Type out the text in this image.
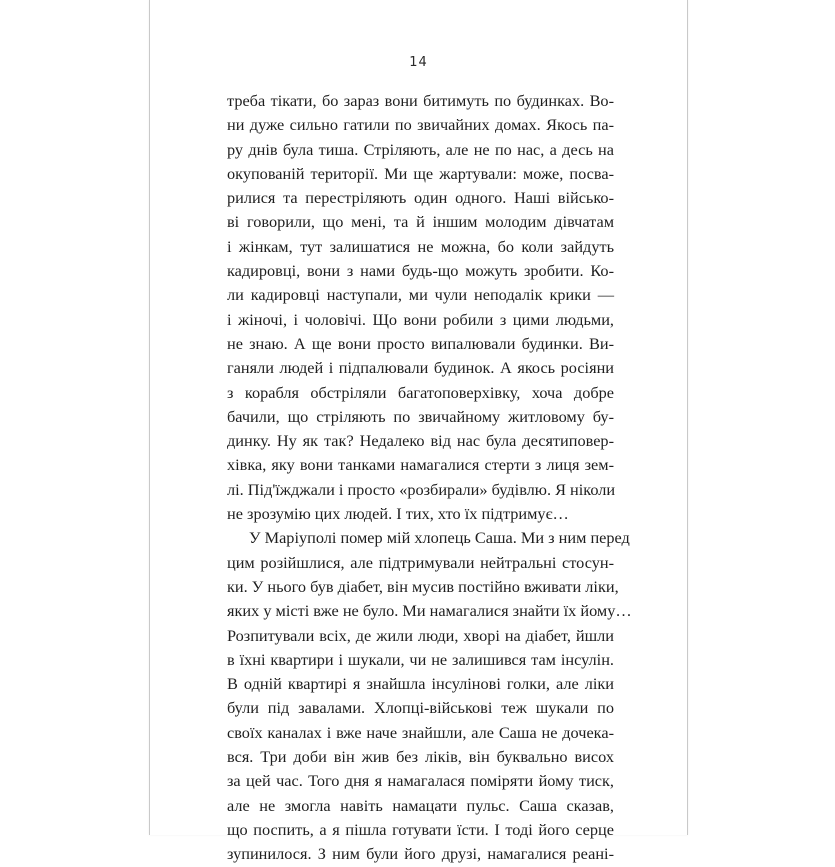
14
треба тікати, бо зараз вони битимуть по будинках. Во-
ни дуже сильно гатили по звичайних домах. Якось па-
ру днів була тиша. Стріляють, але не по нас, а десь на
окупованій території. Ми ще жартували: може, посва-
рилися та перестріляють один одного. Наші військо-
ві говорили, що мені, та й іншим молодим дівчатам
і жінкам, тут залишатися не можна, бо коли зайдуть
кадировці, вони з нами будь-що можуть зробити. Ко-
ли кадировці наступали, ми чули неподалік крики —
і жіночі, і чоловічі. Що вони робили з цими людьми,
не знаю. А ще вони просто випалювали будинки. Ви-
ганяли людей і підпалювали будинок. А якось росіяни
з корабля обстріляли багатоповерхівку, хоча добре
бачили, що стріляють по звичайному житловому бу-
динку. Ну як так? Недалеко від нас була десятиповер-
хівка, яку вони танками намагалися стерти з лиця зем-
лі. Під'їжджали і просто «розбирали» будівлю. Я ніколи
не зрозумію цих людей. І тих, хто їх підтримує…
У Маріуполі помер мій хлопець Саша. Ми з ним перед
цим розійшлися, але підтримували нейтральні стосун-
ки. У нього був діабет, він мусив постійно вживати ліки,
яких у місті вже не було. Ми намагалися знайти їх йому…
Розпитували всіх, де жили люди, хворі на діабет, йшли
в їхні квартири і шукали, чи не залишився там інсулін.
В одній квартирі я знайшла інсулінові голки, але ліки
були під завалами. Хлопці-військові теж шукали по
своїх каналах і вже наче знайшли, але Саша не дочека-
вся. Три доби він жив без ліків, він буквально висох
за цей час. Того дня я намагалася поміряти йому тиск,
але не змогла навіть намацати пульс. Саша сказав,
що поспить, а я пішла готувати їсти. І тоді його серце
зупинилося. З ним були його друзі, намагалися реані-
